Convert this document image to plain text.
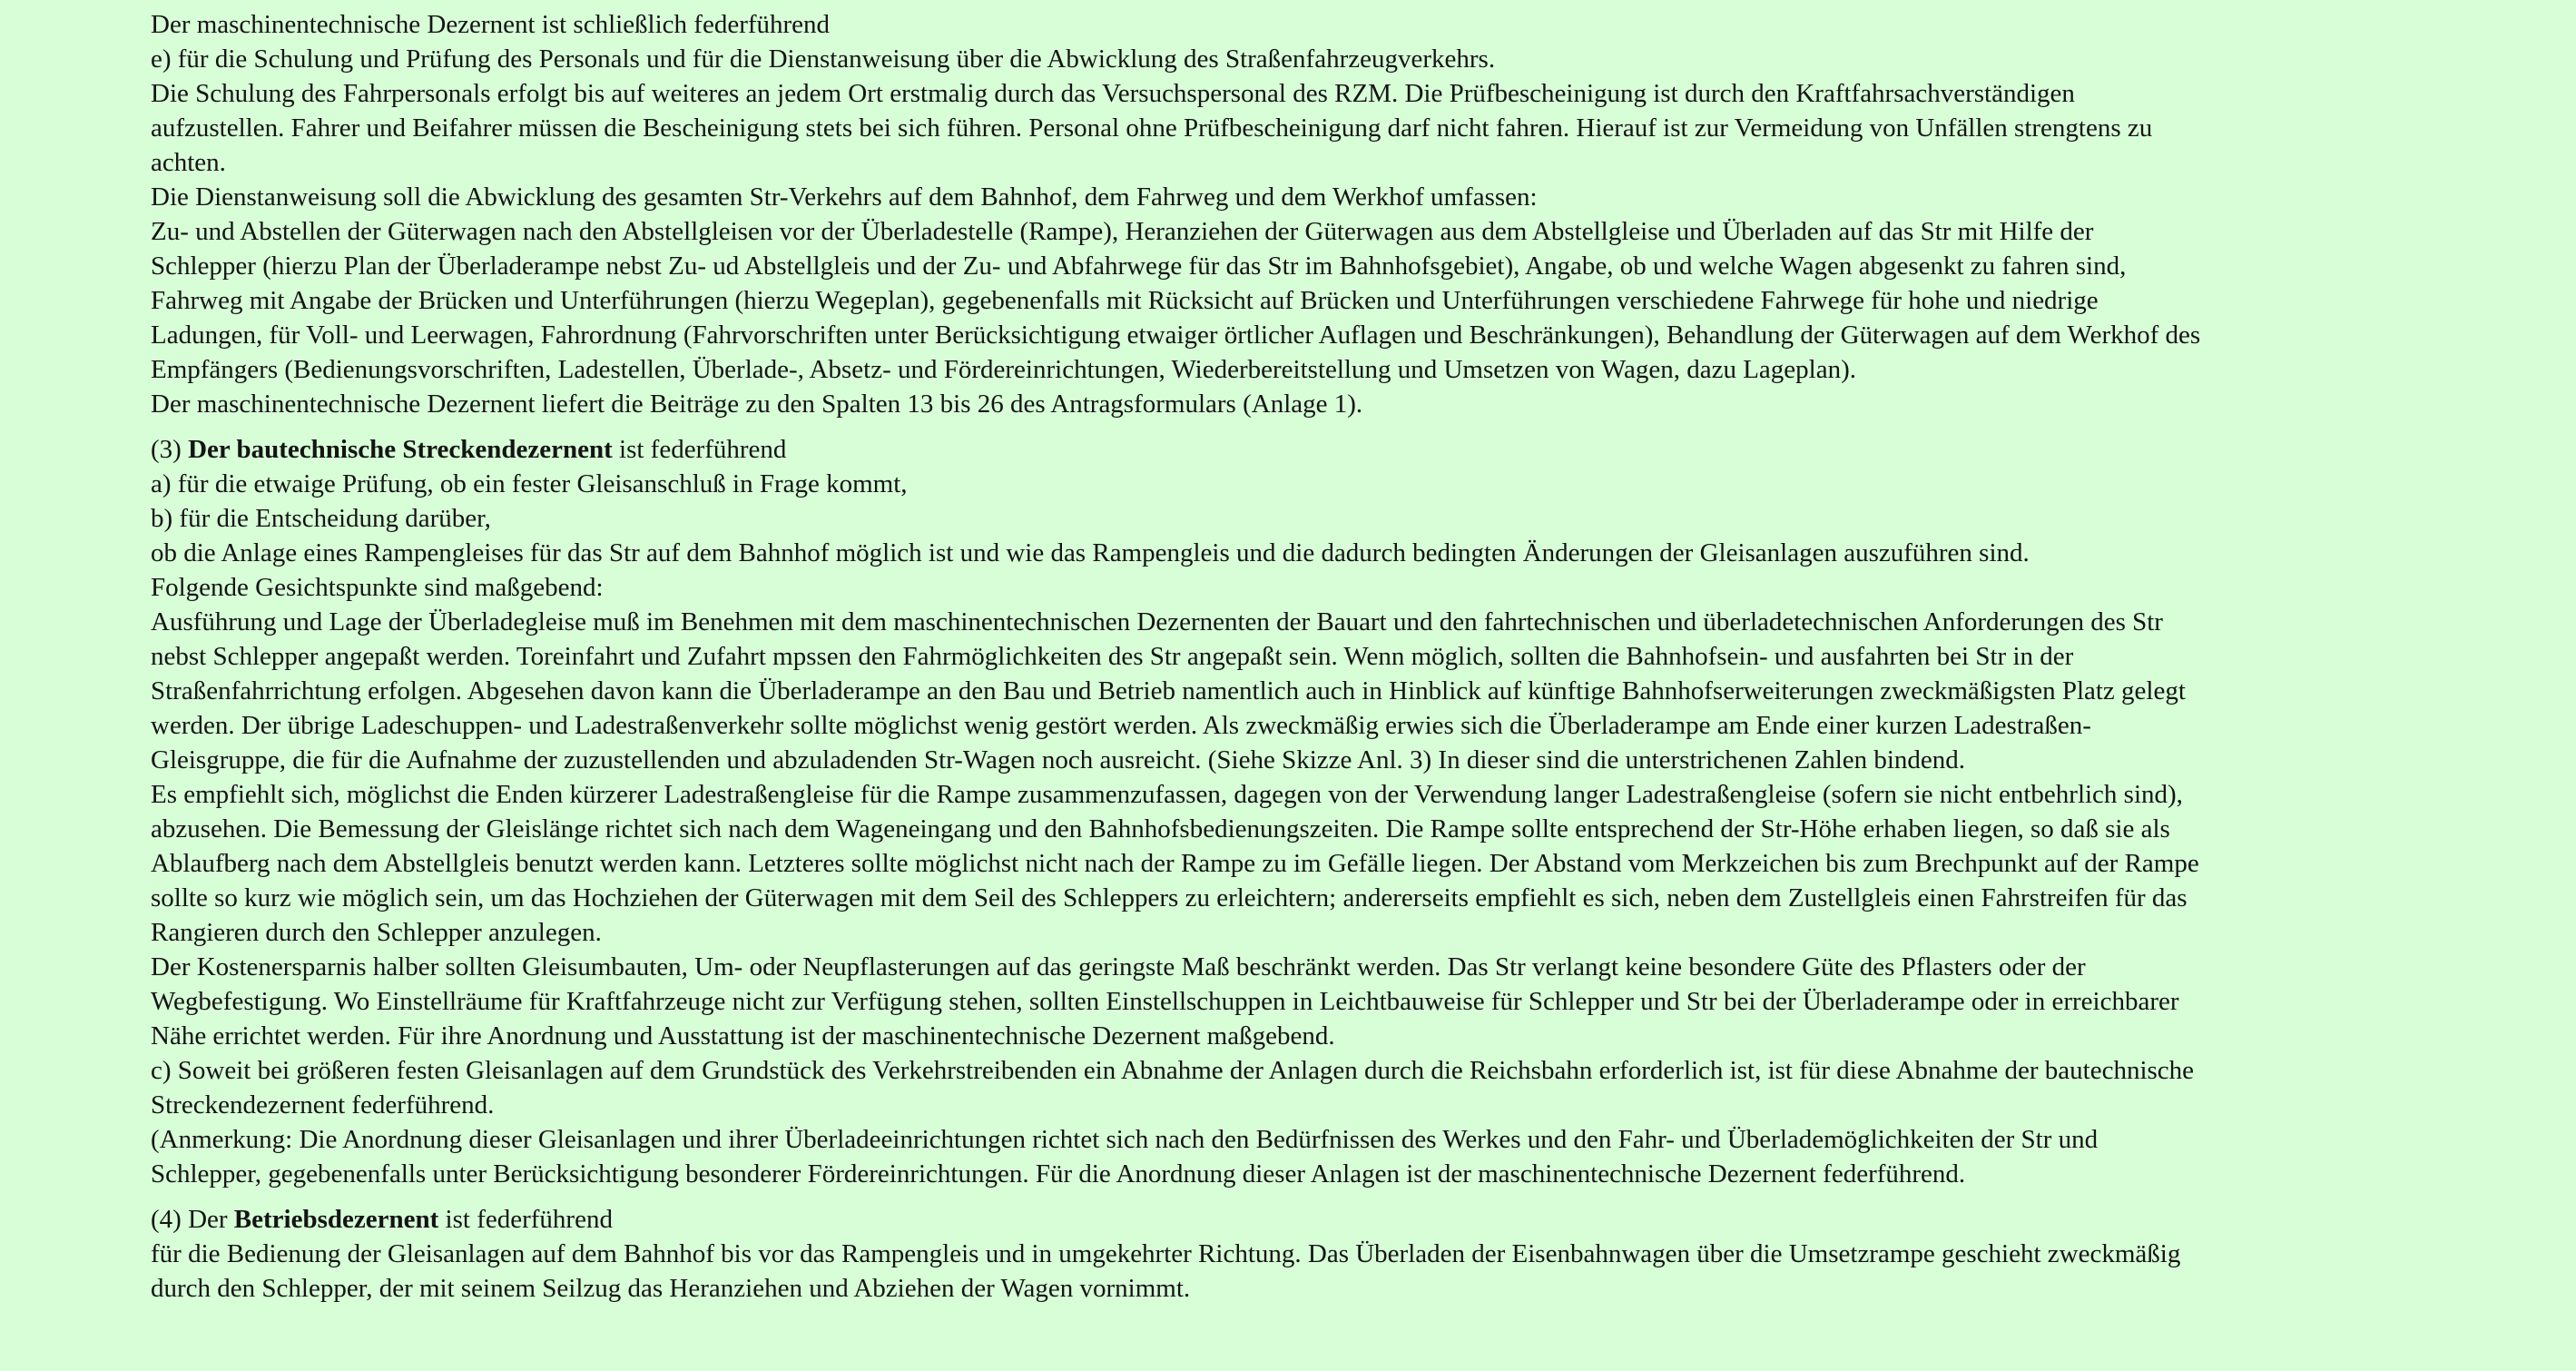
Der maschinentechnische Dezernent ist schließlich federführend

e) für die Schulung und Prüfung des Personals und für die Dienstanweisung über die Abwicklung des Straßenfahrzeugverkehrs.

Die Schulung des Fahrpersonals erfolgt bis auf weiteres an jedem Ort erstmalig durch das Versuchspersonal des RZM. Die Prüfbescheinigung ist durch den Kraftfahrsachverständigen

aufzustellen. Fahrer und Beifahrer müssen die Bescheinigung stets bei sich führen. Personal ohne Prüfbescheinigung darf nicht fahren. Hierauf ist zur Vermeidung von Unfällen strengtens zu

achten.

Die Dienstanweisung soll die Abwicklung des gesamten Str-Verkehrs auf dem Bahnhof, dem Fahrweg und dem Werkhof umfassen:

Zu- und Abstellen der Güterwagen nach den Abstellgleisen vor der Überladestelle (Rampe), Heranziehen der Güterwagen aus dem Abstellgleise und Überladen auf das Str mit Hilfe der

Schlepper (hierzu Plan der Überladerampe nebst Zu- ud Abstellgleis und der Zu- und Abfahrwege für das Str im Bahnhofsgebiet), Angabe, ob und welche Wagen abgesenkt zu fahren sind,

Fahrweg mit Angabe der Brücken und Unterführungen (hierzu Wegeplan), gegebenenfalls mit Rücksicht auf Brücken und Unterführungen verschiedene Fahrwege für hohe und niedrige

Ladungen, für Voll- und Leerwagen, Fahrordnung (Fahrvorschriften unter Berücksichtigung etwaiger örtlicher Auflagen und Beschränkungen), Behandlung der Güterwagen auf dem Werkhof des

Empfängers (Bedienungsvorschriften, Ladestellen, Überlade-, Absetz- und Fördereinrichtungen, Wiederbereitstellung und Umsetzen von Wagen, dazu Lageplan).

Der maschinentechnische Dezernent liefert die Beiträge zu den Spalten 13 bis 26 des Antragsformulars (Anlage 1).

(3) Der bautechnische Streckendezernent ist federführend

a) für die etwaige Prüfung, ob ein fester Gleisanschluß in Frage kommt,

b) für die Entscheidung darüber,

ob die Anlage eines Rampengleises für das Str auf dem Bahnhof möglich ist und wie das Rampengleis und die dadurch bedingten Änderungen der Gleisanlagen auszuführen sind.

Folgende Gesichtspunkte sind maßgebend:

Ausführung und Lage der Überladegleise muß im Benehmen mit dem maschinentechnischen Dezernenten der Bauart und den fahrtechnischen und überladetechnischen Anforderungen des Str

nebst Schlepper angepaßt werden. Toreinfahrt und Zufahrt mpssen den Fahrmöglichkeiten des Str angepaßt sein. Wenn möglich, sollten die Bahnhofsein- und ausfahrten bei Str in der

Straßenfahrrichtung erfolgen. Abgesehen davon kann die Überladerampe an den Bau und Betrieb namentlich auch in Hinblick auf künftige Bahnhofserweiterungen zweckmäßigsten Platz gelegt

werden. Der übrige Ladeschuppen- und Ladestraßenverkehr sollte möglichst wenig gestört werden. Als zweckmäßig erwies sich die Überladerampe am Ende einer kurzen Ladestraßen-

Gleisgruppe, die für die Aufnahme der zuzustellenden und abzuladenden Str-Wagen noch ausreicht. (Siehe Skizze Anl. 3) In dieser sind die unterstrichenen Zahlen bindend.

Es empfiehlt sich, möglichst die Enden kürzerer Ladestraßengleise für die Rampe zusammenzufassen, dagegen von der Verwendung langer Ladestraßengleise (sofern sie nicht entbehrlich sind),

abzusehen. Die Bemessung der Gleislänge richtet sich nach dem Wageneingang und den Bahnhofsbedienungszeiten. Die Rampe sollte entsprechend der Str-Höhe erhaben liegen, so daß sie als

Ablaufberg nach dem Abstellgleis benutzt werden kann. Letzteres sollte möglichst nicht nach der Rampe zu im Gefälle liegen. Der Abstand vom Merkzeichen bis zum Brechpunkt auf der Rampe

sollte so kurz wie möglich sein, um das Hochziehen der Güterwagen mit dem Seil des Schleppers zu erleichtern; andererseits empfiehlt es sich, neben dem Zustellgleis einen Fahrstreifen für das

Rangieren durch den Schlepper anzulegen.

Der Kostenersparnis halber sollten Gleisumbauten, Um- oder Neupflasterungen auf das geringste Maß beschränkt werden. Das Str verlangt keine besondere Güte des Pflasters oder der

Wegbefestigung. Wo Einstellräume für Kraftfahrzeuge nicht zur Verfügung stehen, sollten Einstellschuppen in Leichtbauweise für Schlepper und Str bei der Überladerampe oder in erreichbarer

Nähe errichtet werden. Für ihre Anordnung und Ausstattung ist der maschinentechnische Dezernent maßgebend.

c) Soweit bei größeren festen Gleisanlagen auf dem Grundstück des Verkehrstreibenden ein Abnahme der Anlagen durch die Reichsbahn erforderlich ist, ist für diese Abnahme der bautechnische

Streckendezernent federführend.

(Anmerkung: Die Anordnung dieser Gleisanlagen und ihrer Überladeeinrichtungen richtet sich nach den Bedürfnissen des Werkes und den Fahr- und Überlademöglichkeiten der Str und

Schlepper, gegebenenfalls unter Berücksichtigung besonderer Fördereinrichtungen. Für die Anordnung dieser Anlagen ist der maschinentechnische Dezernent federführend.

(4) Der Betriebsdezernent ist federführend

für die Bedienung der Gleisanlagen auf dem Bahnhof bis vor das Rampengleis und in umgekehrter Richtung. Das Überladen der Eisenbahnwagen über die Umsetzrampe geschieht zweckmäßig

durch den Schlepper, der mit seinem Seilzug das Heranziehen und Abziehen der Wagen vornimmt.
